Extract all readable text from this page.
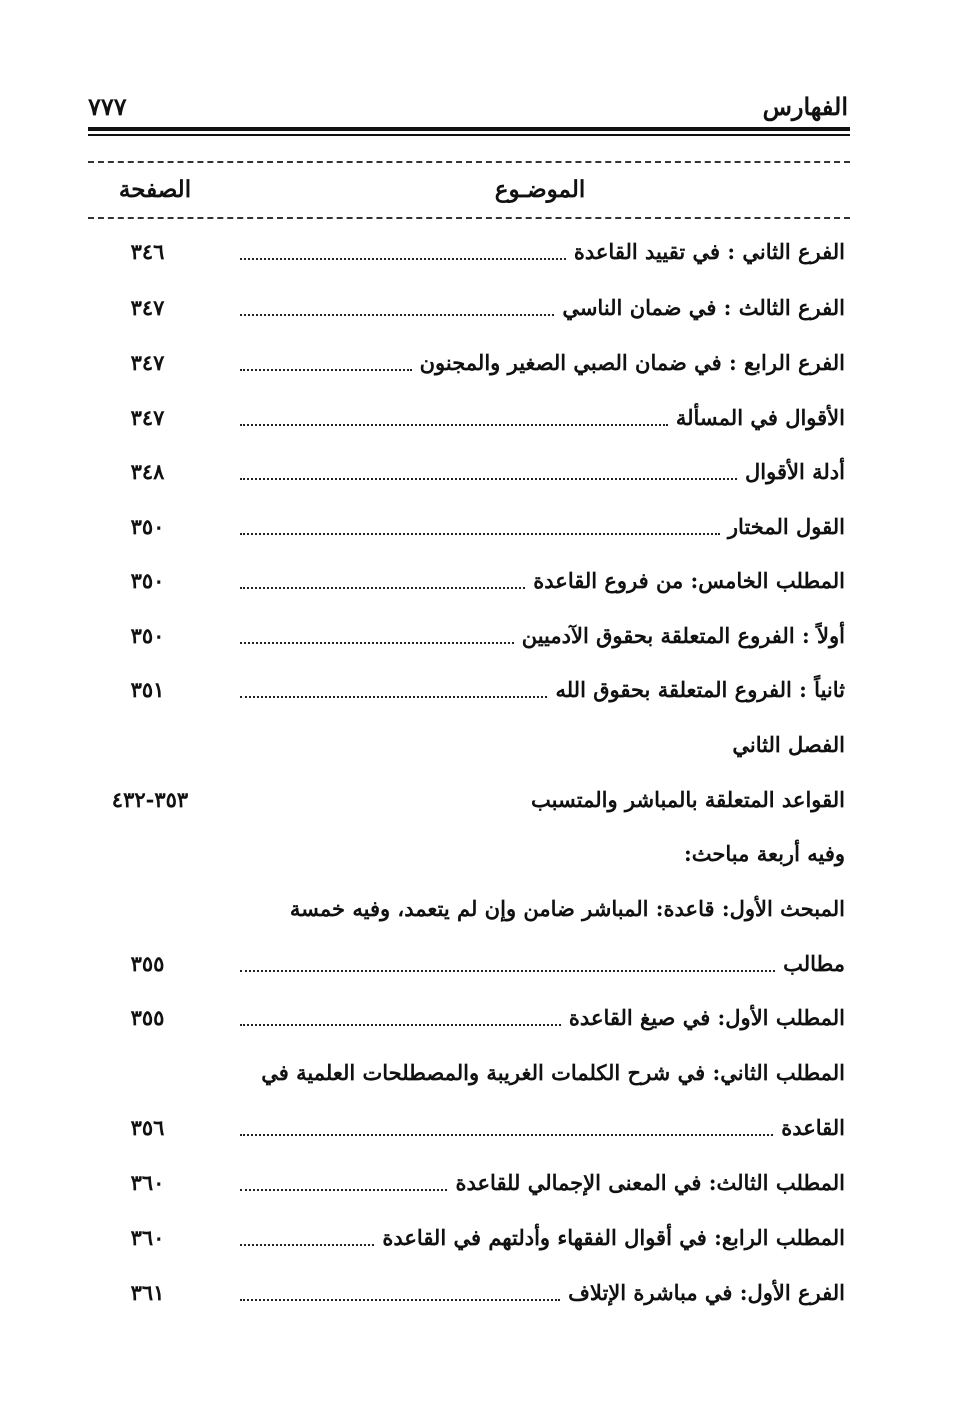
الفهارس
٧٧٧
الموضـوع
الصفحة
الفرع الثاني : في تقييد القاعدة
٣٤٦
الفرع الثالث : في ضمان الناسي
٣٤٧
الفرع الرابع : في ضمان الصبي الصغير والمجنون
٣٤٧
الأقوال في المسألة
٣٤٧
أدلة الأقوال
٣٤٨
القول المختار
٣٥٠
المطلب الخامس: من فروع القاعدة
٣٥٠
أولاً : الفروع المتعلقة بحقوق الآدميين
٣٥٠
ثانياً : الفروع المتعلقة بحقوق الله
٣٥١
الفصل الثاني
القواعد المتعلقة بالمباشر والمتسبب
٣٥٣-٤٣٢
وفيه أربعة مباحث:
المبحث الأول: قاعدة: المباشر ضامن وإن لم يتعمد، وفيه خمسة
مطالب
٣٥٥
المطلب الأول: في صيغ القاعدة
٣٥٥
المطلب الثاني: في شرح الكلمات الغريبة والمصطلحات العلمية في
القاعدة
٣٥٦
المطلب الثالث: في المعنى الإجمالي للقاعدة
٣٦٠
المطلب الرابع: في أقوال الفقهاء وأدلتهم في القاعدة
٣٦٠
الفرع الأول: في مباشرة الإتلاف
٣٦١
